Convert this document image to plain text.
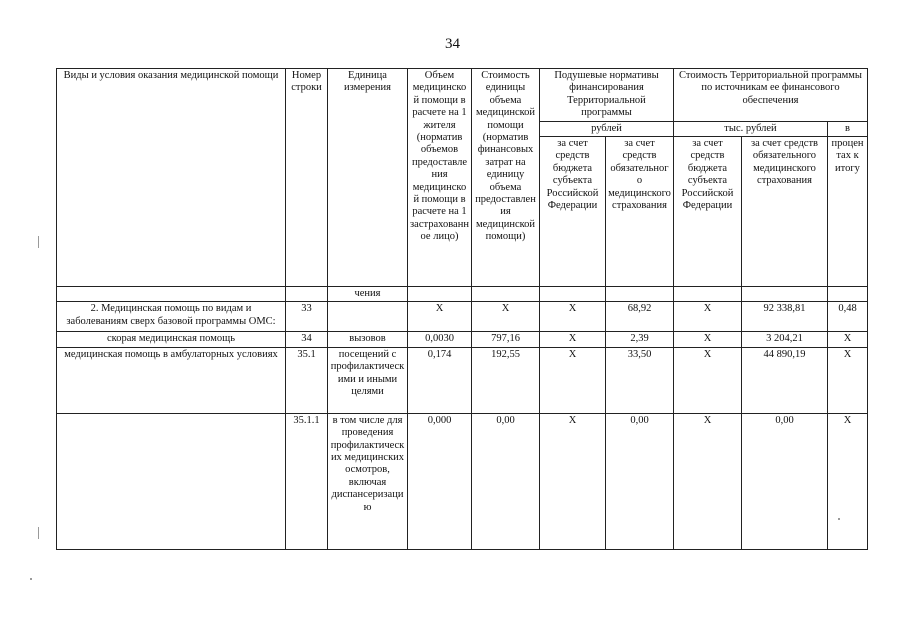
34
Виды и условия оказания медицинской помощи	Номер строки	Единица измерения	Объем медицинской помощи в расчете на 1 жителя (норматив объемов предоставления медицинской помощи в расчете на 1 застрахованное лицо)	Стоимость единицы объема медицинской помощи (норматив финансовых затрат на единицу объема предоставления медицинской помощи)	Подушевые нормативы финансирования Территориальной программы		Стоимость Территориальной программы по источникам ее финансового обеспечения		
					рублей		тыс. рублей		в
					за счет средств бюджета субъекта Российской Федерации	за счет средств обязательного медицинского страхования	за счет средств бюджета субъекта Российской Федерации	за счет средств обязательного медицинского страхования	процентах к итогу
		чения							
2. Медицинская помощь по видам и заболеваниям сверх базовой программы ОМС:	33		X	X	X	68,92	X	92 338,81	0,48
скорая медицинская помощь	34	вызовов	0,0030	797,16	X	2,39	X	3 204,21	X
медицинская помощь в амбулаторных условиях	35.1	посещений с профилактическими и иными целями	0,174	192,55	X	33,50	X	44 890,19	X
	35.1.1	в том числе для проведения профилактических медицинских осмотров, включая диспансеризацию	0,000	0,00	X	0,00	X	0,00	X
